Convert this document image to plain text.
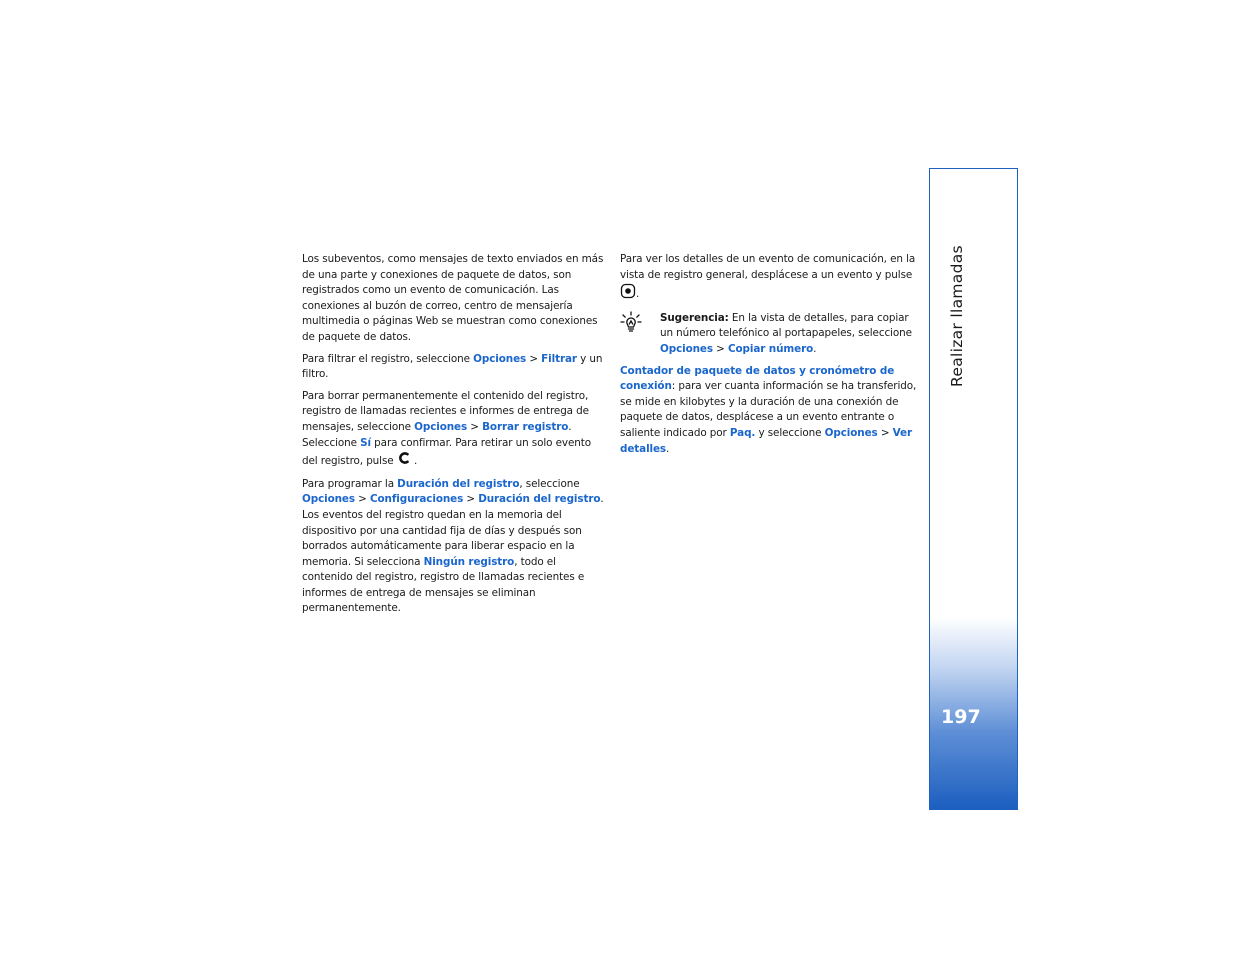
Los subeventos, como mensajes de texto enviados en más de una parte y conexiones de paquete de datos, son registrados como un evento de comunicación. Las conexiones al buzón de correo, centro de mensajería multimedia o páginas Web se muestran como conexiones de paquete de datos.

Para filtrar el registro, seleccione Opciones > Filtrar y un filtro.

Para borrar permanentemente el contenido del registro, registro de llamadas recientes e informes de entrega de mensajes, seleccione Opciones > Borrar registro. Seleccione Sí para confirmar. Para retirar un solo evento del registro, pulse  .

Para programar la Duración del registro, seleccione Opciones > Configuraciones > Duración del registro. Los eventos del registro quedan en la memoria del dispositivo por una cantidad fija de días y después son borrados automáticamente para liberar espacio en la memoria. Si selecciona Ningún registro, todo el contenido del registro, registro de llamadas recientes e informes de entrega de mensajes se eliminan permanentemente.

Para ver los detalles de un evento de comunicación, en la vista de registro general, desplácese a un evento y pulse .

Sugerencia: En la vista de detalles, para copiar un número telefónico al portapapeles, seleccione Opciones > Copiar número.

Contador de paquete de datos y cronómetro de conexión: para ver cuanta información se ha transferido, se mide en kilobytes y la duración de una conexión de paquete de datos, desplácese a un evento entrante o saliente indicado por Paq. y seleccione Opciones > Ver detalles.

Realizar llamadas
197
